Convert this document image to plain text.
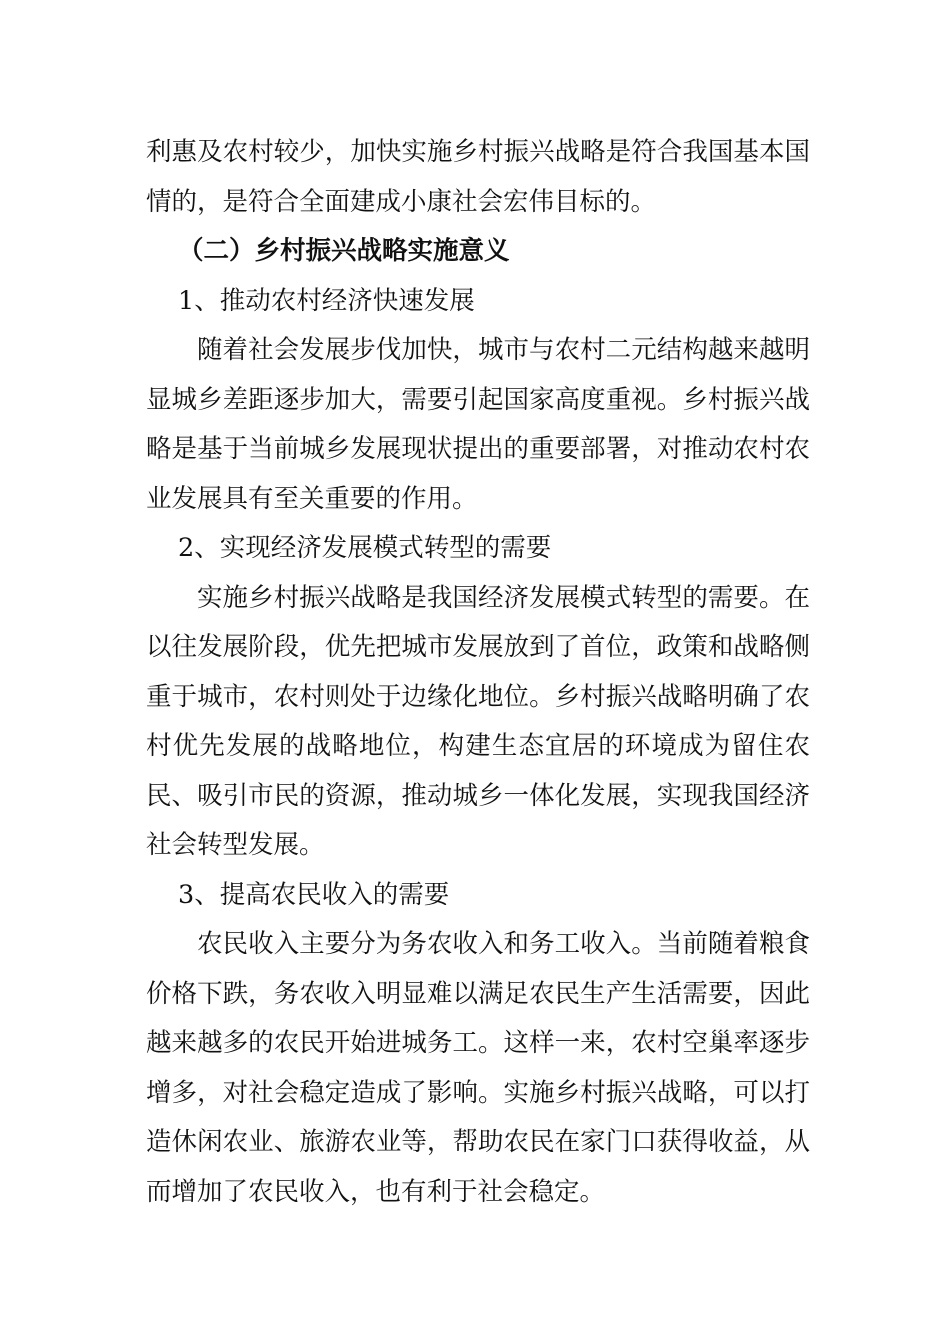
利惠及农村较少，加快实施乡村振兴战略是符合我国基本国情的，是符合全面建成小康社会宏伟目标的。

（二）乡村振兴战略实施意义

1、推动农村经济快速发展

随着社会发展步伐加快，城市与农村二元结构越来越明显城乡差距逐步加大，需要引起国家高度重视。乡村振兴战略是基于当前城乡发展现状提出的重要部署，对推动农村农业发展具有至关重要的作用。

2、实现经济发展模式转型的需要

实施乡村振兴战略是我国经济发展模式转型的需要。在以往发展阶段，优先把城市发展放到了首位，政策和战略侧重于城市，农村则处于边缘化地位。乡村振兴战略明确了农村优先发展的战略地位，构建生态宜居的环境成为留住农民、吸引市民的资源，推动城乡一体化发展，实现我国经济社会转型发展。

3、提高农民收入的需要

农民收入主要分为务农收入和务工收入。当前随着粮食价格下跌，务农收入明显难以满足农民生产生活需要，因此越来越多的农民开始进城务工。这样一来，农村空巢率逐步增多，对社会稳定造成了影响。实施乡村振兴战略，可以打造休闲农业、旅游农业等，帮助农民在家门口获得收益，从而增加了农民收入，也有利于社会稳定。
